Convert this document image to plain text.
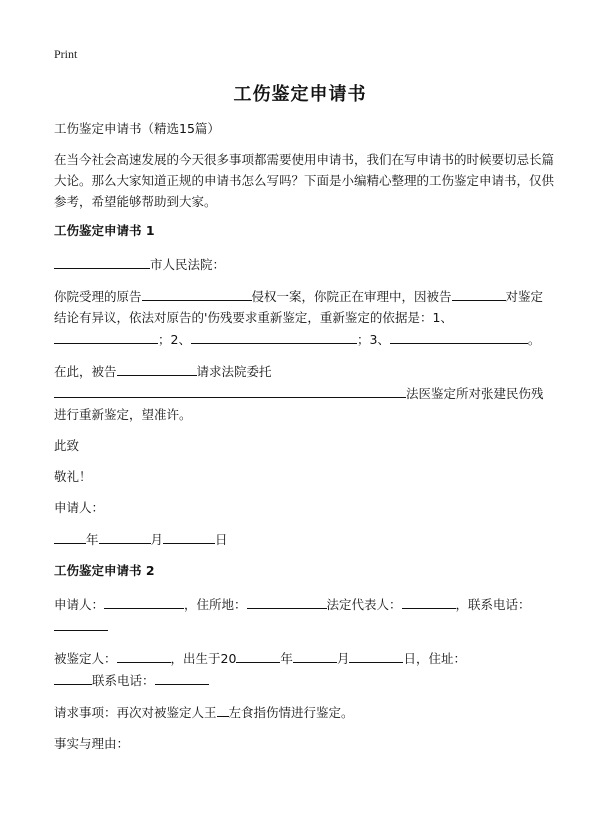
Print
工伤鉴定申请书

工伤鉴定申请书（精选15篇）

在当今社会高速发展的今天很多事项都需要使用申请书，我们在写申请书的时候要切忌长篇大论。那么大家知道正规的申请书怎么写吗？下面是小编精心整理的工伤鉴定申请书，仅供参考，希望能够帮助到大家。

工伤鉴定申请书 1

市人民法院：

你院受理的原告	侵权一案，你院正在审理中，因被告	对鉴定结论有异议，依法对原告的'伤残要求重新鉴定，重新鉴定的依据是：1、
；2、	；3、	。

在此，被告	请求法院委托
法医鉴定所对张建民伤残进行重新鉴定，望准许。

此致

敬礼！

申请人：

年	月	日

工伤鉴定申请书 2

申请人：	，住所地：	法定代表人：	，联系电话：

被鉴定人：	，出生于20	年	月	日，住址：
联系电话：

请求事项：再次对被鉴定人王 左食指伤情进行鉴定。

事实与理由：
